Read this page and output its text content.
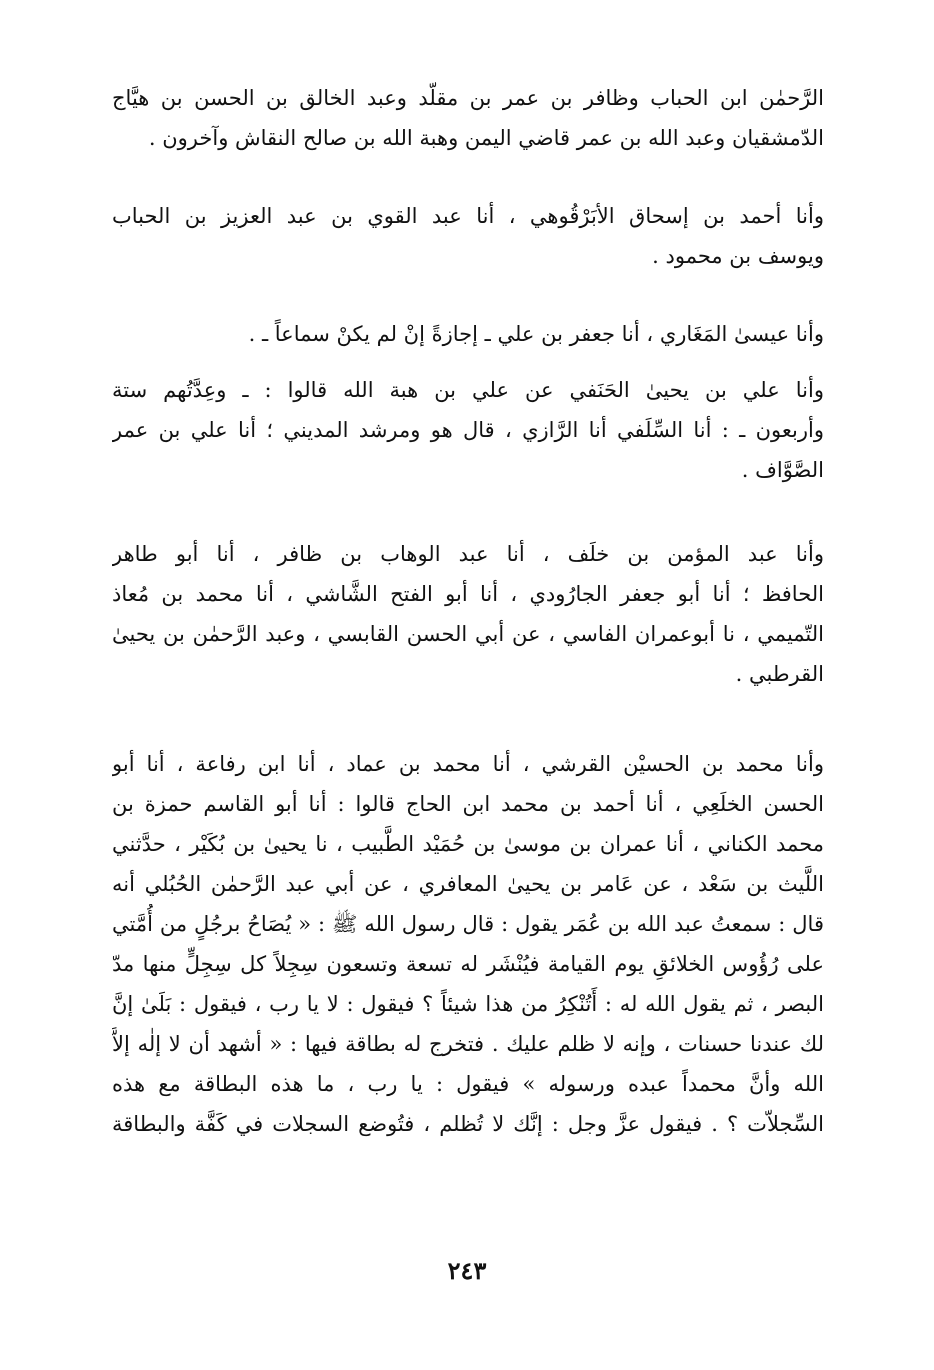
الرَّحمٰن ابن الحباب وظافر بن عمر بن مقلّد وعبد الخالق بن الحسن بن هيَّاج
الدّمشقيان وعبد الله بن عمر قاضي اليمن وهبة الله بن صالح النقاش وآخرون .
وأنا أحمد بن إسحاق الأبَرْقُوهي ، أنا عبد القوي بن عبد العزيز بن الحباب
ويوسف بن محمود .
وأنا عيسىٰ المَغَاري ، أنا جعفر بن علي ـ إجازةً إنْ لم يكنْ سماعاً ـ .
وأنا علي بن يحيىٰ الحَنَفي عن علي بن هبة الله قالوا : ـ وعِدَّتُهم ستة
وأربعون ـ : أنا السِّلَفي أنا الرَّازي ، قال هو ومرشد المديني ؛ أنا علي بن عمر
الصَّوَّاف .
وأنا عبد المؤمن بن خلَف ، أنا عبد الوهاب بن ظافر ، أنا أبو طاهر
الحافظ ؛ أنا أبو جعفر الجارُودي ، أنا أبو الفتح الشَّاشي ، أنا محمد بن مُعاذ
التّميمي ، نا أبوعمران الفاسي ، عن أبي الحسن القابسي ، وعبد الرَّحمٰن بن يحيىٰ
القرطبي .
وأنا محمد بن الحسيْن القرشي ، أنا محمد بن عماد ، أنا ابن رفاعة ، أنا أبو
الحسن الخلَعِي ، أنا أحمد بن محمد ابن الحاج قالوا : أنا أبو القاسم حمزة بن
محمد الكناني ، أنا عمران بن موسىٰ بن حُمَيْد الطَّبيب ، نا يحيىٰ بن بُكَيْر ، حدَّثني
اللَّيث بن سَعْد ، عن عَامر بن يحيىٰ المعافري ، عن أبي عبد الرَّحمٰن الحُبُلي أنه
قال : سمعتُ عبد الله بن عُمَر يقول : قال رسول الله ﷺ : « يُصَاحُ برجُلٍ من أُمَّتي
على رُؤُوس الخلائقِ يوم القيامة فيُنْشَر له تسعة وتسعون سِجِلاً كل سِجِلٍّ منها مدّ
البصر ، ثم يقول الله له : أَتُنْكِرُ من هذا شيئاً ؟ فيقول : لا يا رب ، فيقول : بَلَىٰ إنَّ
لك عندنا حسنات ، وإنه لا ظلم عليك . فتخرج له بطاقة فيها : « أشهد أن لا إلٰه إلاَّ
الله وأنَّ محمداً عبده ورسوله » فيقول : يا رب ، ما هذه البطاقة مع هذه
السِّجلاّت ؟ . فيقول عزَّ وجل : إنَّك لا تُظلم ، فتُوضع السجلات في كَفَّة والبطاقة
٢٤٣
